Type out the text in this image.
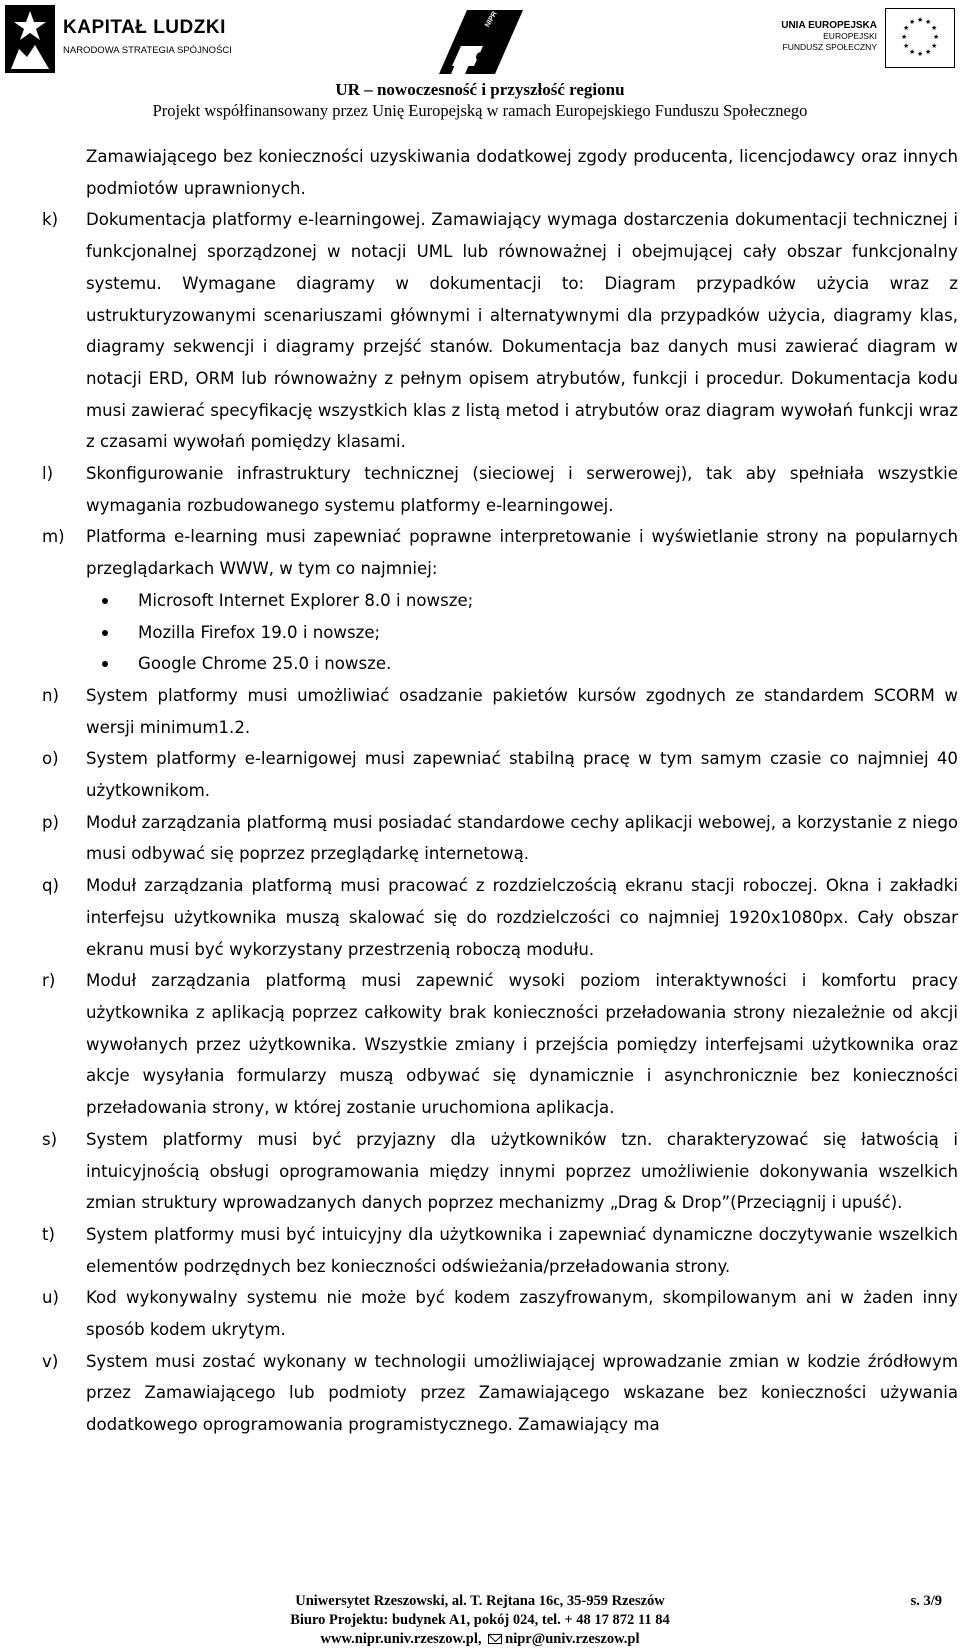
KAPITAŁ LUDZKI
NARODOWA STRATEGIA SPÓJNOŚCI
NIPR	UNIA EUROPEJSKA
EUROPEJSKI
FUNDUSZ SPOŁECZNY
★ ★
★
★
★
★
★
★
★
★
★
★
UR – nowoczesność i przyszłość regionu
Projekt współfinansowany przez Unię Europejską w ramach Europejskiego Funduszu Społecznego

Zamawiającego bez konieczności uzyskiwania dodatkowej zgody producenta, licencjodawcy oraz innych podmiotów uprawnionych.

k) Dokumentacja platformy e-learningowej. Zamawiający wymaga dostarczenia dokumentacji technicznej i funkcjonalnej sporządzonej w notacji UML lub równoważnej i obejmującej cały obszar funkcjonalny systemu. Wymagane diagramy w dokumentacji to: Diagram przypadków użycia wraz z ustrukturyzowanymi scenariuszami głównymi i alternatywnymi dla przypadków użycia, diagramy klas, diagramy sekwencji i diagramy przejść stanów. Dokumentacja baz danych musi zawierać diagram w notacji ERD, ORM lub równoważny z pełnym opisem atrybutów, funkcji i procedur. Dokumentacja kodu musi zawierać specyfikację wszystkich klas z listą metod i atrybutów oraz diagram wywołań funkcji wraz z czasami wywołań pomiędzy klasami.

l) Skonfigurowanie infrastruktury technicznej (sieciowej i serwerowej), tak aby spełniała wszystkie wymagania rozbudowanego systemu platformy e-learningowej.

m) Platforma e-learning musi zapewniać poprawne interpretowanie i wyświetlanie strony na popularnych przeglądarkach WWW, w tym co najmniej:

Microsoft Internet Explorer 8.0 i nowsze;
Mozilla Firefox 19.0 i nowsze;
Google Chrome 25.0 i nowsze.
n) System platformy musi umożliwiać osadzanie pakietów kursów zgodnych ze standardem SCORM w wersji minimum1.2.

o) System platformy e-learnigowej musi zapewniać stabilną pracę w tym samym czasie co najmniej 40 użytkownikom.

p) Moduł zarządzania platformą musi posiadać standardowe cechy aplikacji webowej, a korzystanie z niego musi odbywać się poprzez przeglądarkę internetową.

q) Moduł zarządzania platformą musi pracować z rozdzielczością ekranu stacji roboczej. Okna i zakładki interfejsu użytkownika muszą skalować się do rozdzielczości co najmniej 1920x1080px. Cały obszar ekranu musi być wykorzystany przestrzenią roboczą modułu.

r) Moduł zarządzania platformą musi zapewnić wysoki poziom interaktywności i komfortu pracy użytkownika z aplikacją poprzez całkowity brak konieczności przeładowania strony niezależnie od akcji wywołanych przez użytkownika. Wszystkie zmiany i przejścia pomiędzy interfejsami użytkownika oraz akcje wysyłania formularzy muszą odbywać się dynamicznie i asynchronicznie bez konieczności przeładowania strony, w której zostanie uruchomiona aplikacja.

s) System platformy musi być przyjazny dla użytkowników tzn. charakteryzować się łatwością i intuicyjnością obsługi oprogramowania między innymi poprzez umożliwienie dokonywania wszelkich zmian struktury wprowadzanych danych poprzez mechanizmy „Drag & Drop”(Przeciągnij i upuść).

t) System platformy musi być intuicyjny dla użytkownika i zapewniać dynamiczne doczytywanie wszelkich elementów podrzędnych bez konieczności odświeżania/przeładowania strony.

u) Kod wykonywalny systemu nie może być kodem zaszyfrowanym, skompilowanym ani w żaden inny sposób kodem ukrytym.

v) System musi zostać wykonany w technologii umożliwiającej wprowadzanie zmian w kodzie źródłowym przez Zamawiającego lub podmioty przez Zamawiającego wskazane bez konieczności używania dodatkowego oprogramowania programistycznego. Zamawiający ma

Uniwersytet Rzeszowski, al. T. Rejtana 16c, 35-959 Rzeszów
Biuro Projektu: budynek A1, pokój 024, tel. + 48 17 872 11 84
www.nipr.univ.rzeszow.pl, nipr@univ.rzeszow.pl
s. 3/9
